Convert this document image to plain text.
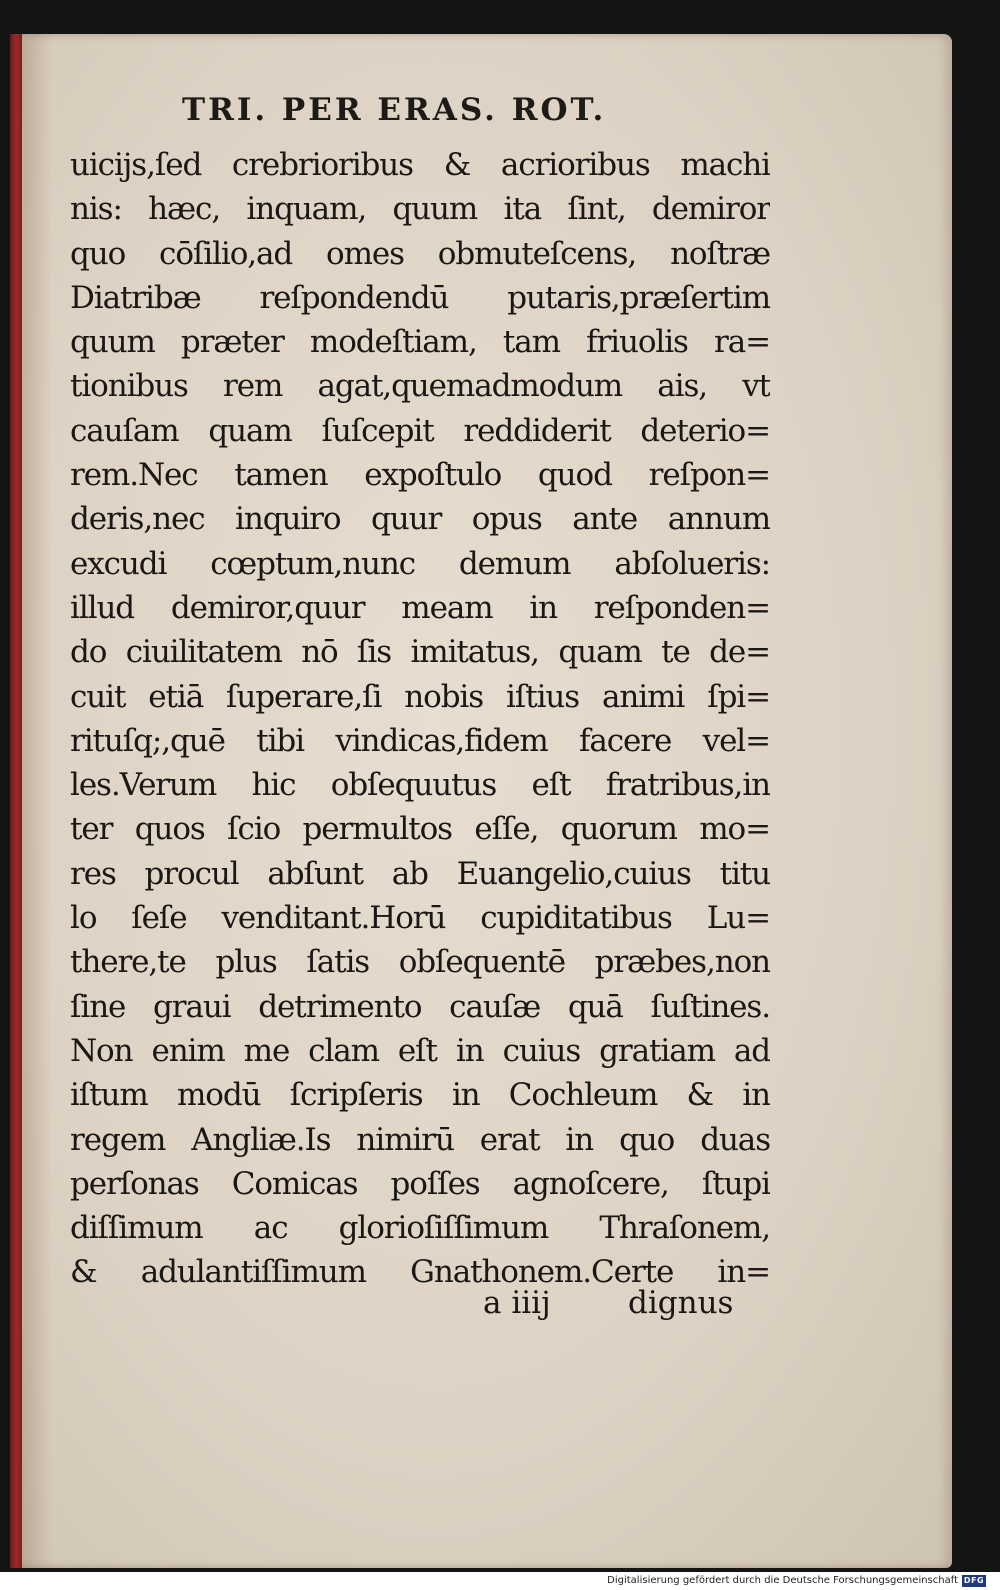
TRI. PER ERAS. ROT.
uicijs,ſed crebrioribus & acrioribus machi
nis: hæc, inquam, quum ita ſint, demiror
quo cōſilio,ad omes obmuteſcens, noſtræ
Diatribæ reſpondendū putaris,præſertim
quum præter modeſtiam, tam friuolis ra=
tionibus rem agat,quemadmodum ais, vt
cauſam quam ſuſcepit reddiderit deterio=
rem.Nec tamen expoſtulo quod reſpon=
deris,nec inquiro quur opus ante annum
excudi cœptum,nunc demum abſolueris:
illud demiror,quur meam in reſponden=
do ciuilitatem nō ſis imitatus, quam te de=
cuit etiā ſuperare,ſi nobis iſtius animi ſpi=
rituſq;,quē tibi vindicas,fidem facere vel=
les.Verum hic obſequutus eſt fratribus,in
ter quos ſcio permultos eſſe, quorum mo=
res procul abſunt ab Euangelio,cuius titu
lo ſeſe venditant.Horū cupiditatibus Lu=
there,te plus ſatis obſequentē præbes,non
ſine graui detrimento cauſæ quā ſuſtines.
Non enim me clam eſt in cuius gratiam ad
iſtum modū ſcripſeris in Cochleum & in
regem Angliæ.Is nimirū erat in quo duas
perſonas Comicas poſſes agnoſcere, ſtupi
diſſimum ac glorioſiſſimum Thraſonem,
& adulantiſſimum Gnathonem.Certe in=
a iiij dignus
Digitalisierung gefördert durch die Deutsche Forschungsgemeinschaft DFG
